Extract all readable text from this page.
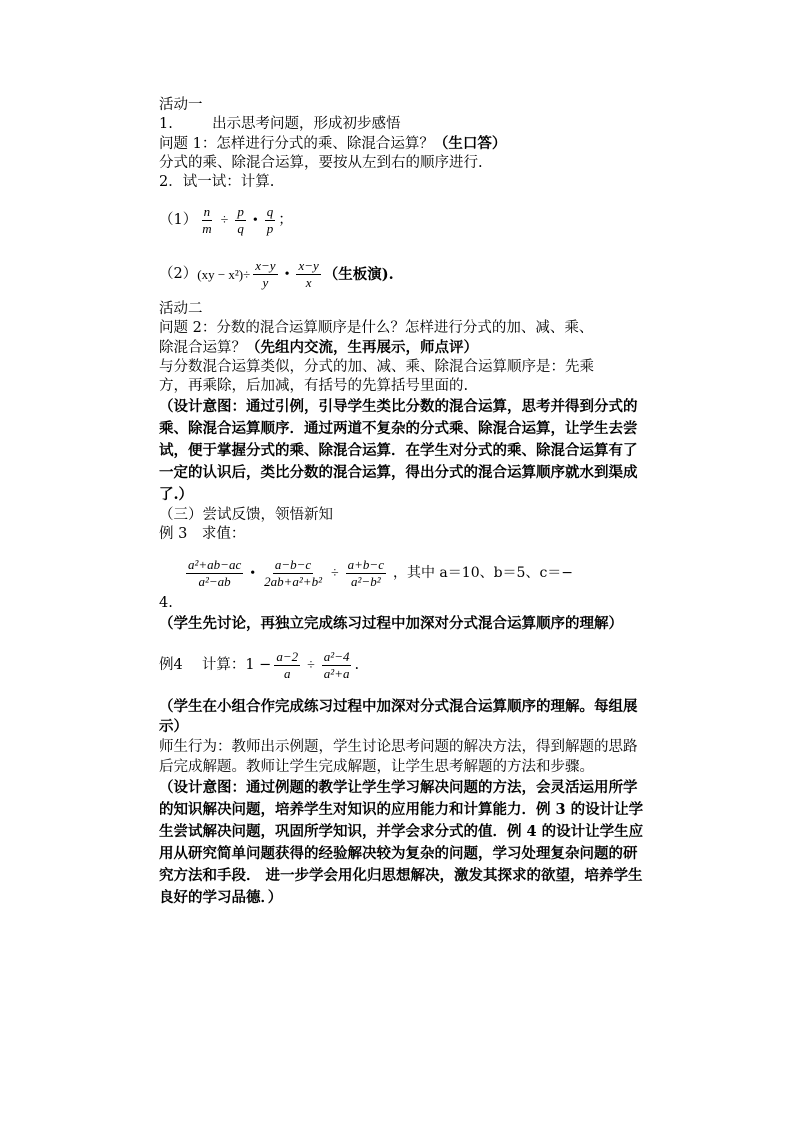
活动一
1.	出示思考问题，形成初步感悟
问题 1：怎样进行分式的乘、除混合运算？（生口答）
分式的乘、除混合运算，要按从左到右的顺序进行.
2．试一试：计算.
$(1) \frac{n}{m} \div \frac{p}{q}$ • $\frac{q}{p}$ ；
（2） $(xy - x^2)\div \frac{x-y}{y}$ • $\frac{x-y}{x}$ （生板演).
活动二
问题 2：分数的混合运算顺序是什么？怎样进行分式的加、减、乘、
除混合运算？（先组内交流，生再展示，师点评）
与分数混合运算类似，分式的加、减、乘、除混合运算顺序是：先乘
方，再乘除，后加减，有括号的先算括号里面的.
（设计意图：通过引例，引导学生类比分数的混合运算，思考并得到分式的乘、除混合运算顺序．通过两道不复杂的分式乘、除混合运算，让学生去尝试，便于掌握分式的乘、除混合运算．在学生对分式的乘、除混合运算有了一定的认识后，类比分数的混合运算，得出分式的混合运算顺序就水到渠成了.）
（三）尝试反馈，领悟新知
例 3　求值：
$\frac{\text{a²+ab−ac}}{\text{a²−ab}}$ • $\frac{a-b-c}{\text{2ab+a²+b²}} \div \frac{a+b-c}{\text{a²−b²}}$ ，其中 a＝10、b＝5、c＝−
4.
（学生先讨论，再独立完成练习过程中加深对分式混合运算顺序的理解）
例4　 计算：$1 - \frac{a-2}{a} \div \frac{\text{a²−4}}{\text{a²+a}}$ .
（学生在小组合作完成练习过程中加深对分式混合运算顺序的理解。每组展示）
师生行为：教师出示例题，学生讨论思考问题的解决方法，得到解题的思路后完成解题。教师让学生完成解题，让学生思考解题的方法和步骤。
（设计意图：通过例题的教学让学生学习解决问题的方法，会灵活运用所学的知识解决问题，培养学生对知识的应用能力和计算能力．例 3 的设计让学生尝试解决问题，巩固所学知识，并学会求分式的值．例 4 的设计让学生应用从研究简单问题获得的经验解决较为复杂的问题，学习处理复杂问题的研究方法和手段． 进一步学会用化归思想解决，激发其探求的欲望，培养学生良好的学习品德．）
